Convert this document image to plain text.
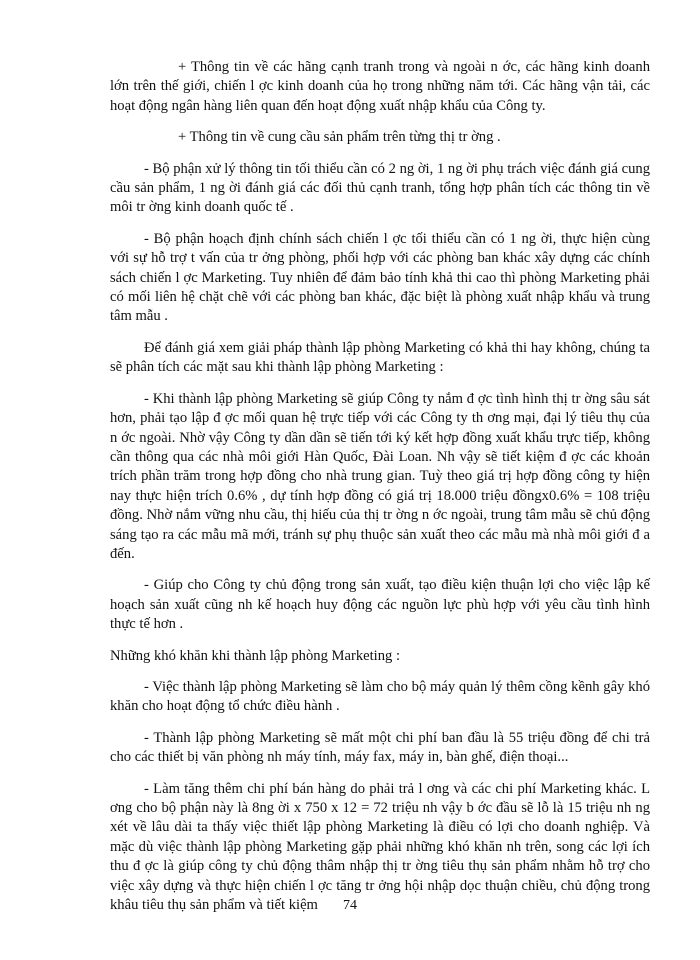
+ Thông tin về các hãng cạnh tranh trong và ngoài n ớc, các hãng kinh doanh lớn trên thế giới, chiến l ợc kinh doanh của họ trong những năm tới. Các hãng vận tải, các hoạt động ngân hàng liên quan đến hoạt động xuất nhập khẩu của Công ty.

+ Thông tin về cung cầu sản phẩm trên từng thị tr ờng .

- Bộ phận xử lý thông tin tối thiểu cần có 2 ng ời, 1 ng ời phụ trách việc đánh giá cung cầu sản phẩm, 1 ng ời đánh giá các đối thủ cạnh tranh, tổng hợp phân tích các thông tin về môi tr ờng kinh doanh quốc tế .

- Bộ phận hoạch định chính sách chiến l ợc tối thiểu cần có 1 ng ời, thực hiện cùng với sự hỗ trợ t vấn của tr ởng phòng, phối hợp với các phòng ban khác xây dựng các chính sách chiến l ợc Marketing. Tuy nhiên để đảm bảo tính khả thi cao thì phòng Marketing phải có mối liên hệ chặt chẽ với các phòng ban khác, đặc biệt là phòng xuất nhập khẩu và trung tâm mẫu .

Để đánh giá xem giải pháp thành lập phòng Marketing có khả thi hay không, chúng ta sẽ phân tích các mặt sau khi thành lập phòng Marketing :

- Khi thành lập phòng Marketing sẽ giúp Công ty nắm đ ợc tình hình thị tr ờng sâu sát hơn, phải tạo lập đ ợc mối quan hệ trực tiếp với các Công ty th ơng mại, đại lý tiêu thụ của n ớc ngoài. Nhờ vậy Công ty dần dần sẽ tiến tới ký kết hợp đồng xuất khẩu trực tiếp, không cần thông qua các nhà môi giới Hàn Quốc, Đài Loan. Nh vậy sẽ tiết kiệm đ ợc các khoản trích phần trăm trong hợp đồng cho nhà trung gian. Tuỳ theo giá trị hợp đồng công ty hiện nay thực hiện trích 0.6% , dự tính hợp đồng có giá trị 18.000 triệu đồngx0.6% = 108 triệu đồng. Nhờ nắm vững nhu cầu, thị hiếu của thị tr ờng n ớc ngoài, trung tâm mẫu sẽ chủ động sáng tạo ra các mẫu mã mới, tránh sự phụ thuộc sản xuất theo các mẫu mà nhà môi giới đ a đến.

- Giúp cho Công ty chủ động trong sản xuất, tạo điều kiện thuận lợi cho việc lập kế hoạch sản xuất cũng nh kế hoạch huy động các nguồn lực phù hợp với yêu cầu tình hình thực tế hơn .

Những khó khăn khi thành lập phòng Marketing :

- Việc thành lập phòng Marketing sẽ làm cho bộ máy quản lý thêm cồng kềnh gây khó khăn cho hoạt động tổ chức điều hành .

- Thành lập phòng Marketing sẽ mất một chi phí ban đầu là 55 triệu đồng để chi trả cho các thiết bị văn phòng nh máy tính, máy fax, máy in, bàn ghế, điện thoại...

- Làm tăng thêm chi phí bán hàng do phải trả l ơng và các chi phí Marketing khác. L ơng cho bộ phận này là 8ng ời x 750 x 12 = 72 triệu nh vậy b ớc đầu sẽ lỗ là 15 triệu nh ng xét về lâu dài ta thấy việc thiết lập phòng Marketing là điều có lợi cho doanh nghiệp. Và mặc dù việc thành lập phòng Marketing gặp phải những khó khăn nh trên, song các lợi ích thu đ ợc là giúp công ty chủ động thâm nhập thị tr ờng tiêu thụ sản phẩm nhằm hỗ trợ cho việc xây dựng và thực hiện chiến l ợc tăng tr ởng hội nhập dọc thuận chiều, chủ động trong khâu tiêu thụ sản phẩm và tiết kiệm	74
